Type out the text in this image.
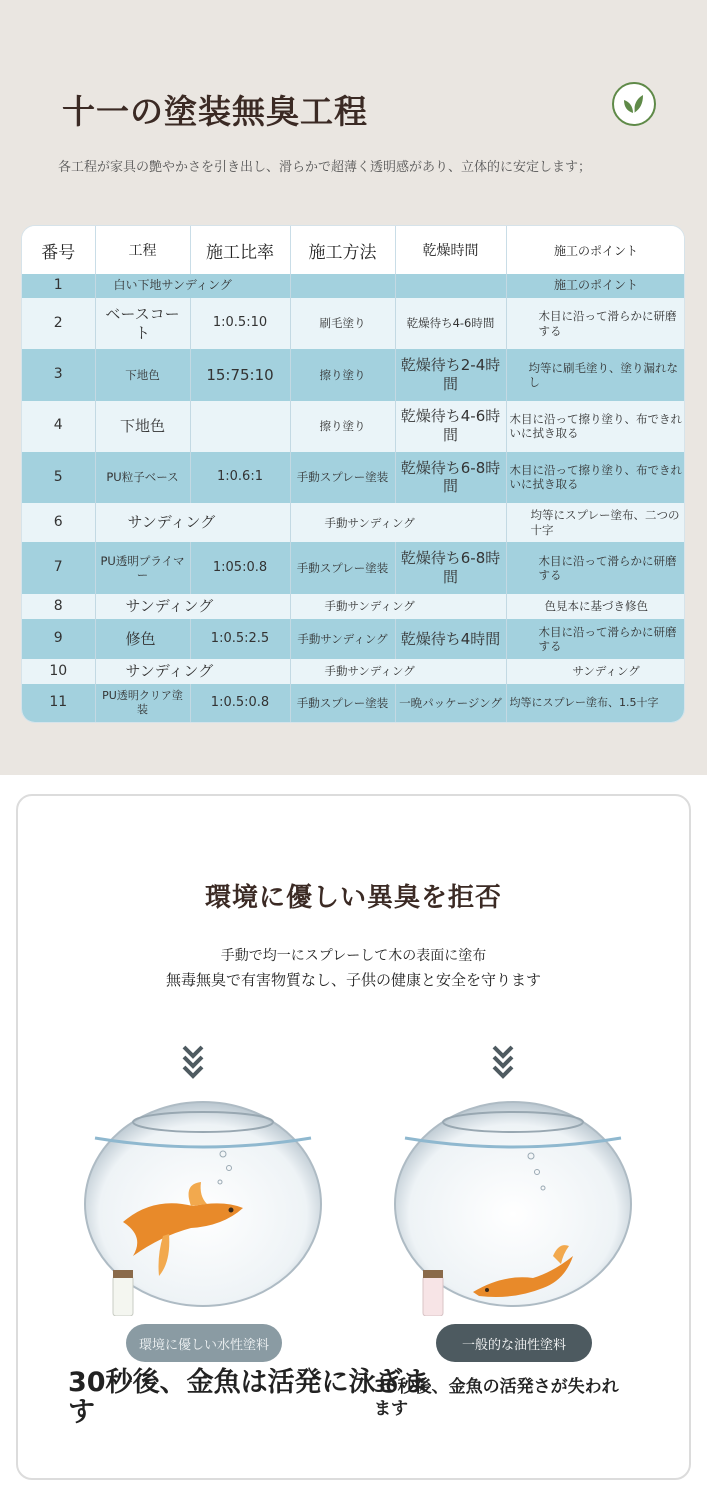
十一の塗装無臭工程
各工程が家具の艶やかさを引き出し、滑らかで超薄く透明感があり、立体的に安定します；
番号	工程	施工比率	施工方法	乾燥時間	施工のポイント
1	白い下地サンディング				施工のポイント
2	ベースコート	1:0.5:10	刷毛塗り	乾燥待ち4-6時間	木目に沿って滑らかに研磨する
3	下地色	15:75:10	擦り塗り	乾燥待ち2-4時間	均等に刷毛塗り、塗り漏れなし
4	下地色		擦り塗り	乾燥待ち4-6時間	木目に沿って擦り塗り、布できれいに拭き取る
5	PU粒子ベース	1:0.6:1	手動スプレー塗装	乾燥待ち6-8時間	木目に沿って擦り塗り、布できれいに拭き取る
6	サンディング		手動サンディング		均等にスプレー塗布、二つの十字
7	PU透明プライマー	1:05:0.8	手動スプレー塗装	乾燥待ち6-8時間	木目に沿って滑らかに研磨する
8	サンディング		手動サンディング		色見本に基づき修色
9	修色	1:0.5:2.5	手動サンディング	乾燥待ち4時間	木目に沿って滑らかに研磨する
10	サンディング		手動サンディング		サンディング
11	PU透明クリア塗装	1:0.5:0.8	手動スプレー塗装	一晩パッケージング	均等にスプレー塗布、1.5十字
環境に優しい異臭を拒否
手動で均一にスプレーして木の表面に塗布
無毒無臭で有害物質なし、子供の健康と安全を守ります
環境に優しい水性塗料	一般的な油性塗料
30秒後、金魚は活発に泳ぎます
30秒後、金魚の活発さが失われます
